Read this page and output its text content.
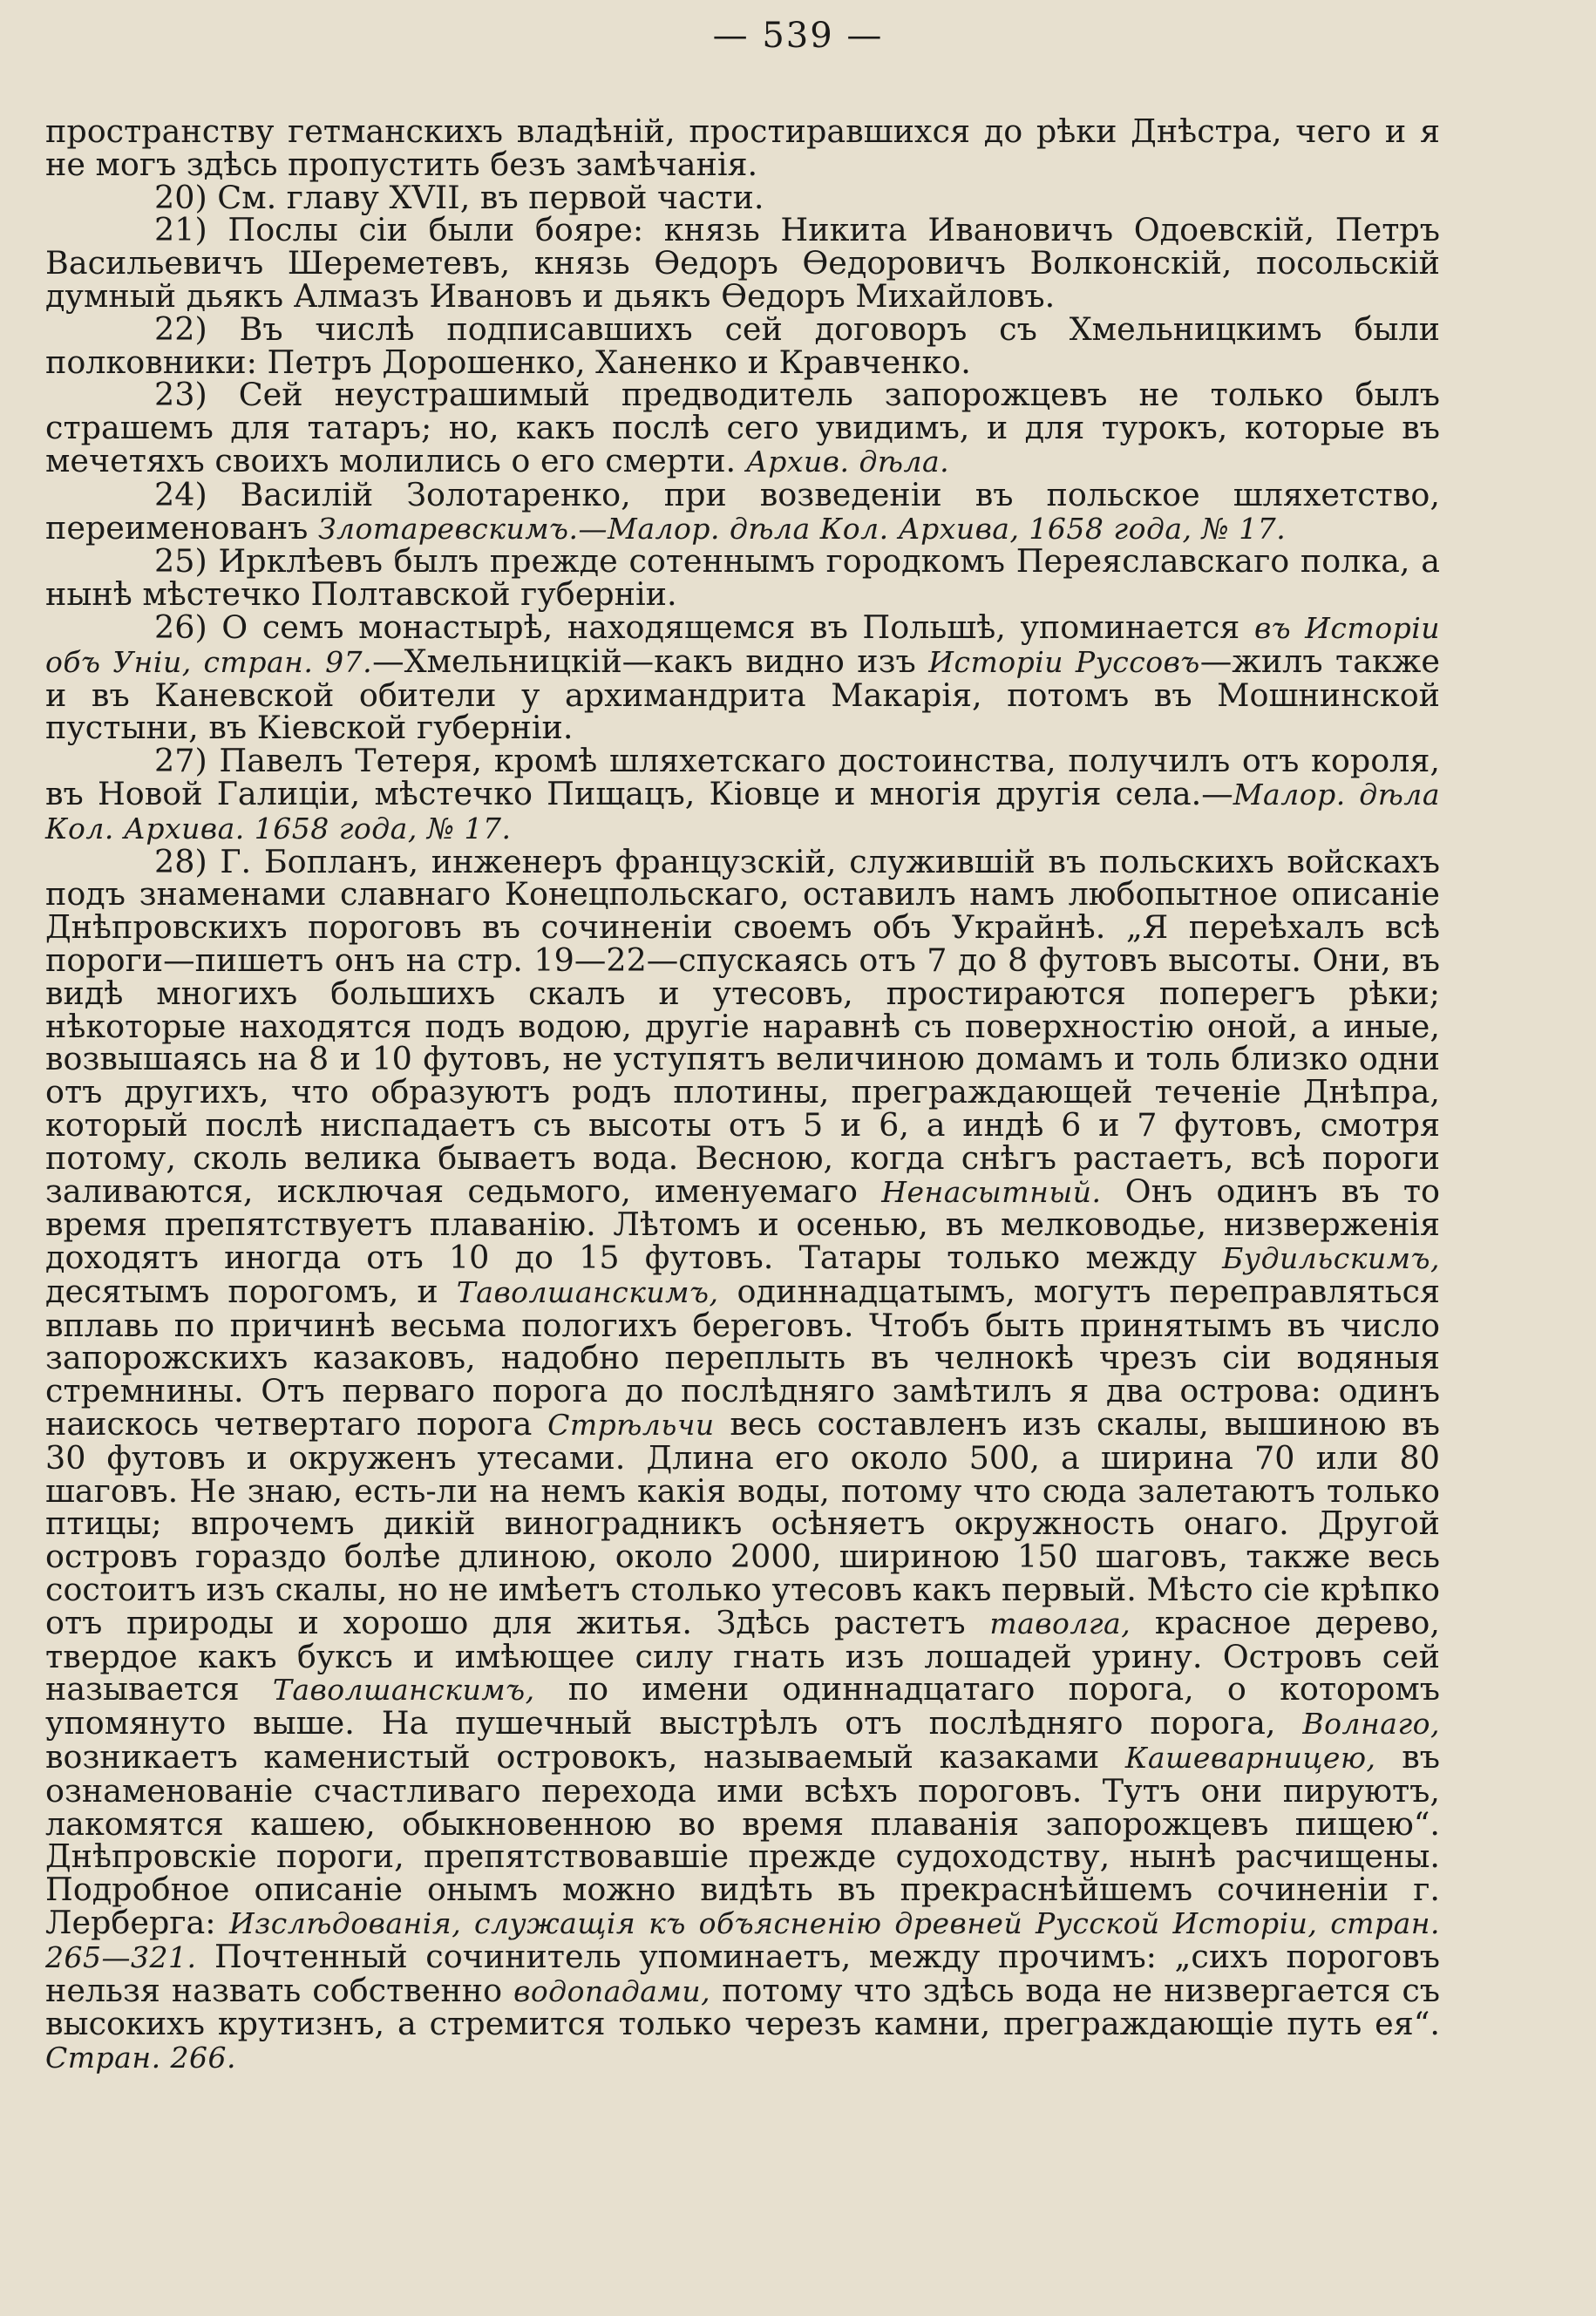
— 539 —

пространству гетманскихъ владѣній, простиравшихся до рѣки Днѣстра, чего и я не могъ здѣсь пропустить безъ замѣчанія.

20) См. главу XVII, въ первой части.

21) Послы сіи были бояре: князь Никита Ивановичъ Одоевскій, Петръ Васильевичъ Шереметевъ, князь Ѳедоръ Ѳедоровичъ Волконскій, посольскій думный дьякъ Алмазъ Ивановъ и дьякъ Ѳедоръ Михайловъ.

22) Въ числѣ подписавшихъ сей договоръ съ Хмельницкимъ были полковники: Петръ Дорошенко, Ханенко и Кравченко.

23) Сей неустрашимый предводитель запорожцевъ не только былъ страшемъ для татаръ; но, какъ послѣ сего увидимъ, и для турокъ, которые въ мечетяхъ своихъ молились о его смерти. Архив. дѣла.

24) Василій Золотаренко, при возведеніи въ польское шляхетство, переименованъ Злотаревскимъ.—Малор. дѣла Кол. Архива, 1658 года, № 17.

25) Ирклѣевъ былъ прежде сотеннымъ городкомъ Переяславскаго полка, а нынѣ мѣстечко Полтавской губерніи.

26) О семъ монастырѣ, находящемся въ Польшѣ, упоминается въ Исторіи объ Уніи, стран. 97.—Хмельницкій—какъ видно изъ Исторіи Руссовъ—жилъ также и въ Каневской обители у архимандрита Макарія, потомъ въ Мошнинской пустыни, въ Кіевской губерніи.

27) Павелъ Тетеря, кромѣ шляхетскаго достоинства, получилъ отъ короля, въ Новой Галиціи, мѣстечко Пищацъ, Кіовце и многія другія села.—Малор. дѣла Кол. Архива. 1658 года, № 17.

28) Г. Бопланъ, инженеръ французскій, служившій въ польскихъ войскахъ подъ знаменами славнаго Конецпольскаго, оставилъ намъ любопытное описаніе Днѣпровскихъ пороговъ въ сочиненіи своемъ объ Украйнѣ. „Я переѣхалъ всѣ пороги—пишетъ онъ на стр. 19—22—спускаясь отъ 7 до 8 футовъ высоты. Они, въ видѣ многихъ большихъ скалъ и утесовъ, простираются поперегъ рѣки; нѣкоторые находятся подъ водою, другіе наравнѣ съ поверхностію оной, а иные, возвышаясь на 8 и 10 футовъ, не уступятъ величиною домамъ и толь близко одни отъ другихъ, что образуютъ родъ плотины, преграждающей теченіе Днѣпра, который послѣ ниспадаетъ съ высоты отъ 5 и 6, а индѣ 6 и 7 футовъ, смотря потому, сколь велика бываетъ вода. Весною, когда снѣгъ растаетъ, всѣ пороги заливаются, исключая седьмого, именуемаго Ненасытный. Онъ одинъ въ то время препятствуетъ плаванію. Лѣтомъ и осенью, въ мелководье, низверженія доходятъ иногда отъ 10 до 15 футовъ. Татары только между Будильскимъ, десятымъ порогомъ, и Таволшанскимъ, одиннадцатымъ, могутъ переправляться вплавь по причинѣ весьма пологихъ береговъ. Чтобъ быть принятымъ въ число запорожскихъ казаковъ, надобно переплыть въ челнокѣ чрезъ сіи водяныя стремнины. Отъ перваго порога до послѣдняго замѣтилъ я два острова: одинъ наискось четвертаго порога Стрѣльчи весь составленъ изъ скалы, вышиною въ 30 футовъ и окруженъ утесами. Длина его около 500, а ширина 70 или 80 шаговъ. Не знаю, есть-ли на немъ какія воды, потому что сюда залетаютъ только птицы; впрочемъ дикій виноградникъ осѣняетъ окружность онаго. Другой островъ гораздо болѣе длиною, около 2000, шириною 150 шаговъ, также весь состоитъ изъ скалы, но не имѣетъ столько утесовъ какъ первый. Мѣсто сіе крѣпко отъ природы и хорошо для житья. Здѣсь растетъ таволга, красное дерево, твердое какъ буксъ и имѣющее силу гнать изъ лошадей урину. Островъ сей называется Таволшанскимъ, по имени одиннадцатаго порога, о которомъ упомянуто выше. На пушечный выстрѣлъ отъ послѣдняго порога, Волнаго, возникаетъ каменистый островокъ, называемый казаками Кашеварницею, въ ознаменованіе счастливаго перехода ими всѣхъ пороговъ. Тутъ они пируютъ, лакомятся кашею, обыкновенною во время плаванія запорожцевъ пищею“. Днѣпровскіе пороги, препятствовавшіе прежде судоходству, нынѣ расчищены. Подробное описаніе онымъ можно видѣть въ прекраснѣйшемъ сочиненіи г. Лерберга: Изслѣдованія, служащія къ объясненію древней Русской Исторіи, стран. 265—321. Почтенный сочинитель упоминаетъ, между прочимъ: „сихъ пороговъ нельзя назвать собственно водопадами, потому что здѣсь вода не низвергается съ высокихъ крутизнъ, а стремится только черезъ камни, преграждающіе путь ея“. Стран. 266.
